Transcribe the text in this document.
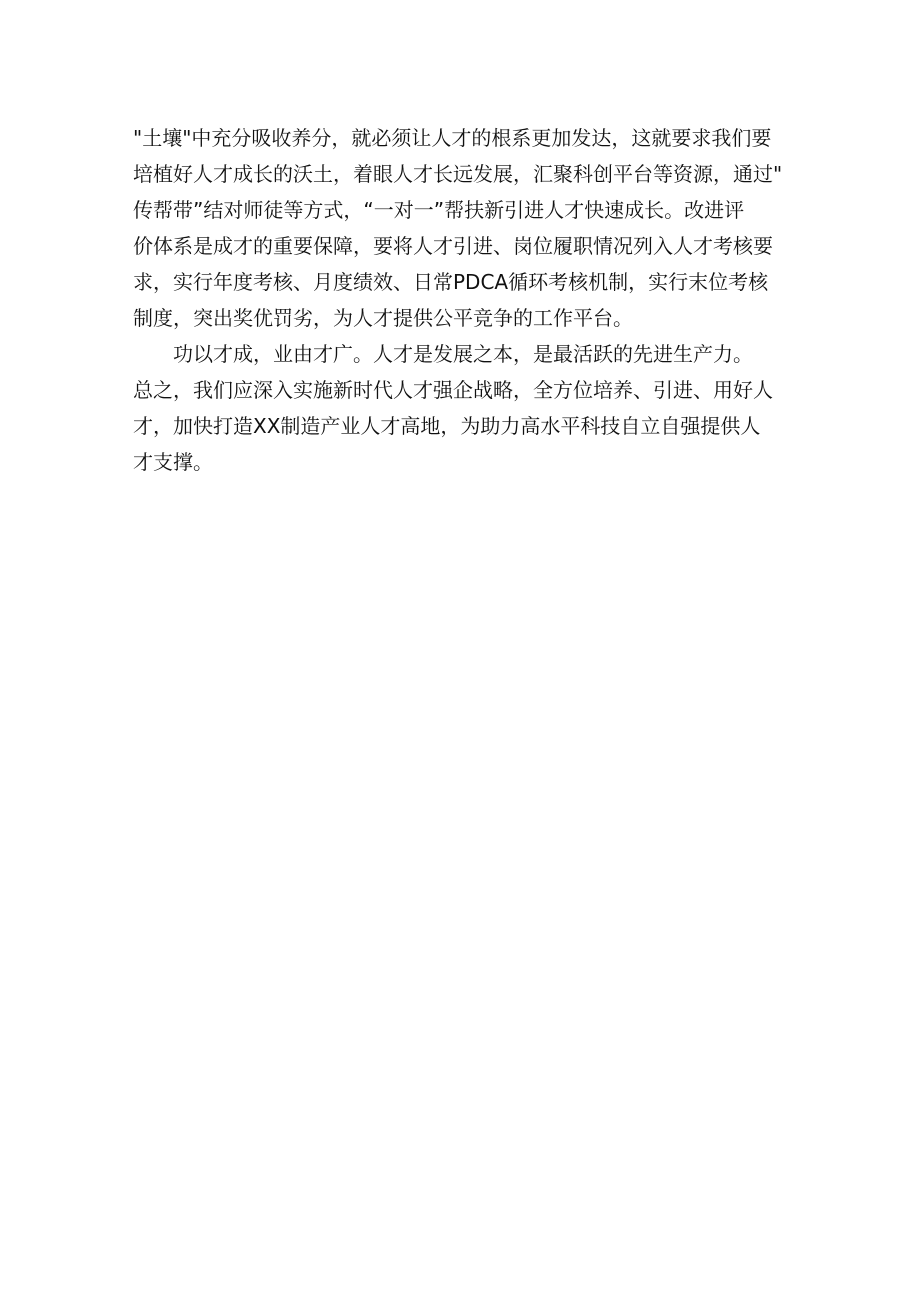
"土壤"中充分吸收养分，就必须让人才的根系更加发达，这就要求我们要
培植好人才成长的沃土，着眼人才长远发展，汇聚科创平台等资源，通过"
传帮带”结对师徒等方式，“一对一”帮扶新引进人才快速成长。改进评
价体系是成才的重要保障，要将人才引进、岗位履职情况列入人才考核要
求，实行年度考核、月度绩效、日常PDCA循环考核机制，实行末位考核
制度，突出奖优罚劣，为人才提供公平竞争的工作平台。
　　功以才成，业由才广。人才是发展之本，是最活跃的先进生产力。
总之，我们应深入实施新时代人才强企战略，全方位培养、引进、用好人
才，加快打造XX制造产业人才高地，为助力高水平科技自立自强提供人
才支撑。
